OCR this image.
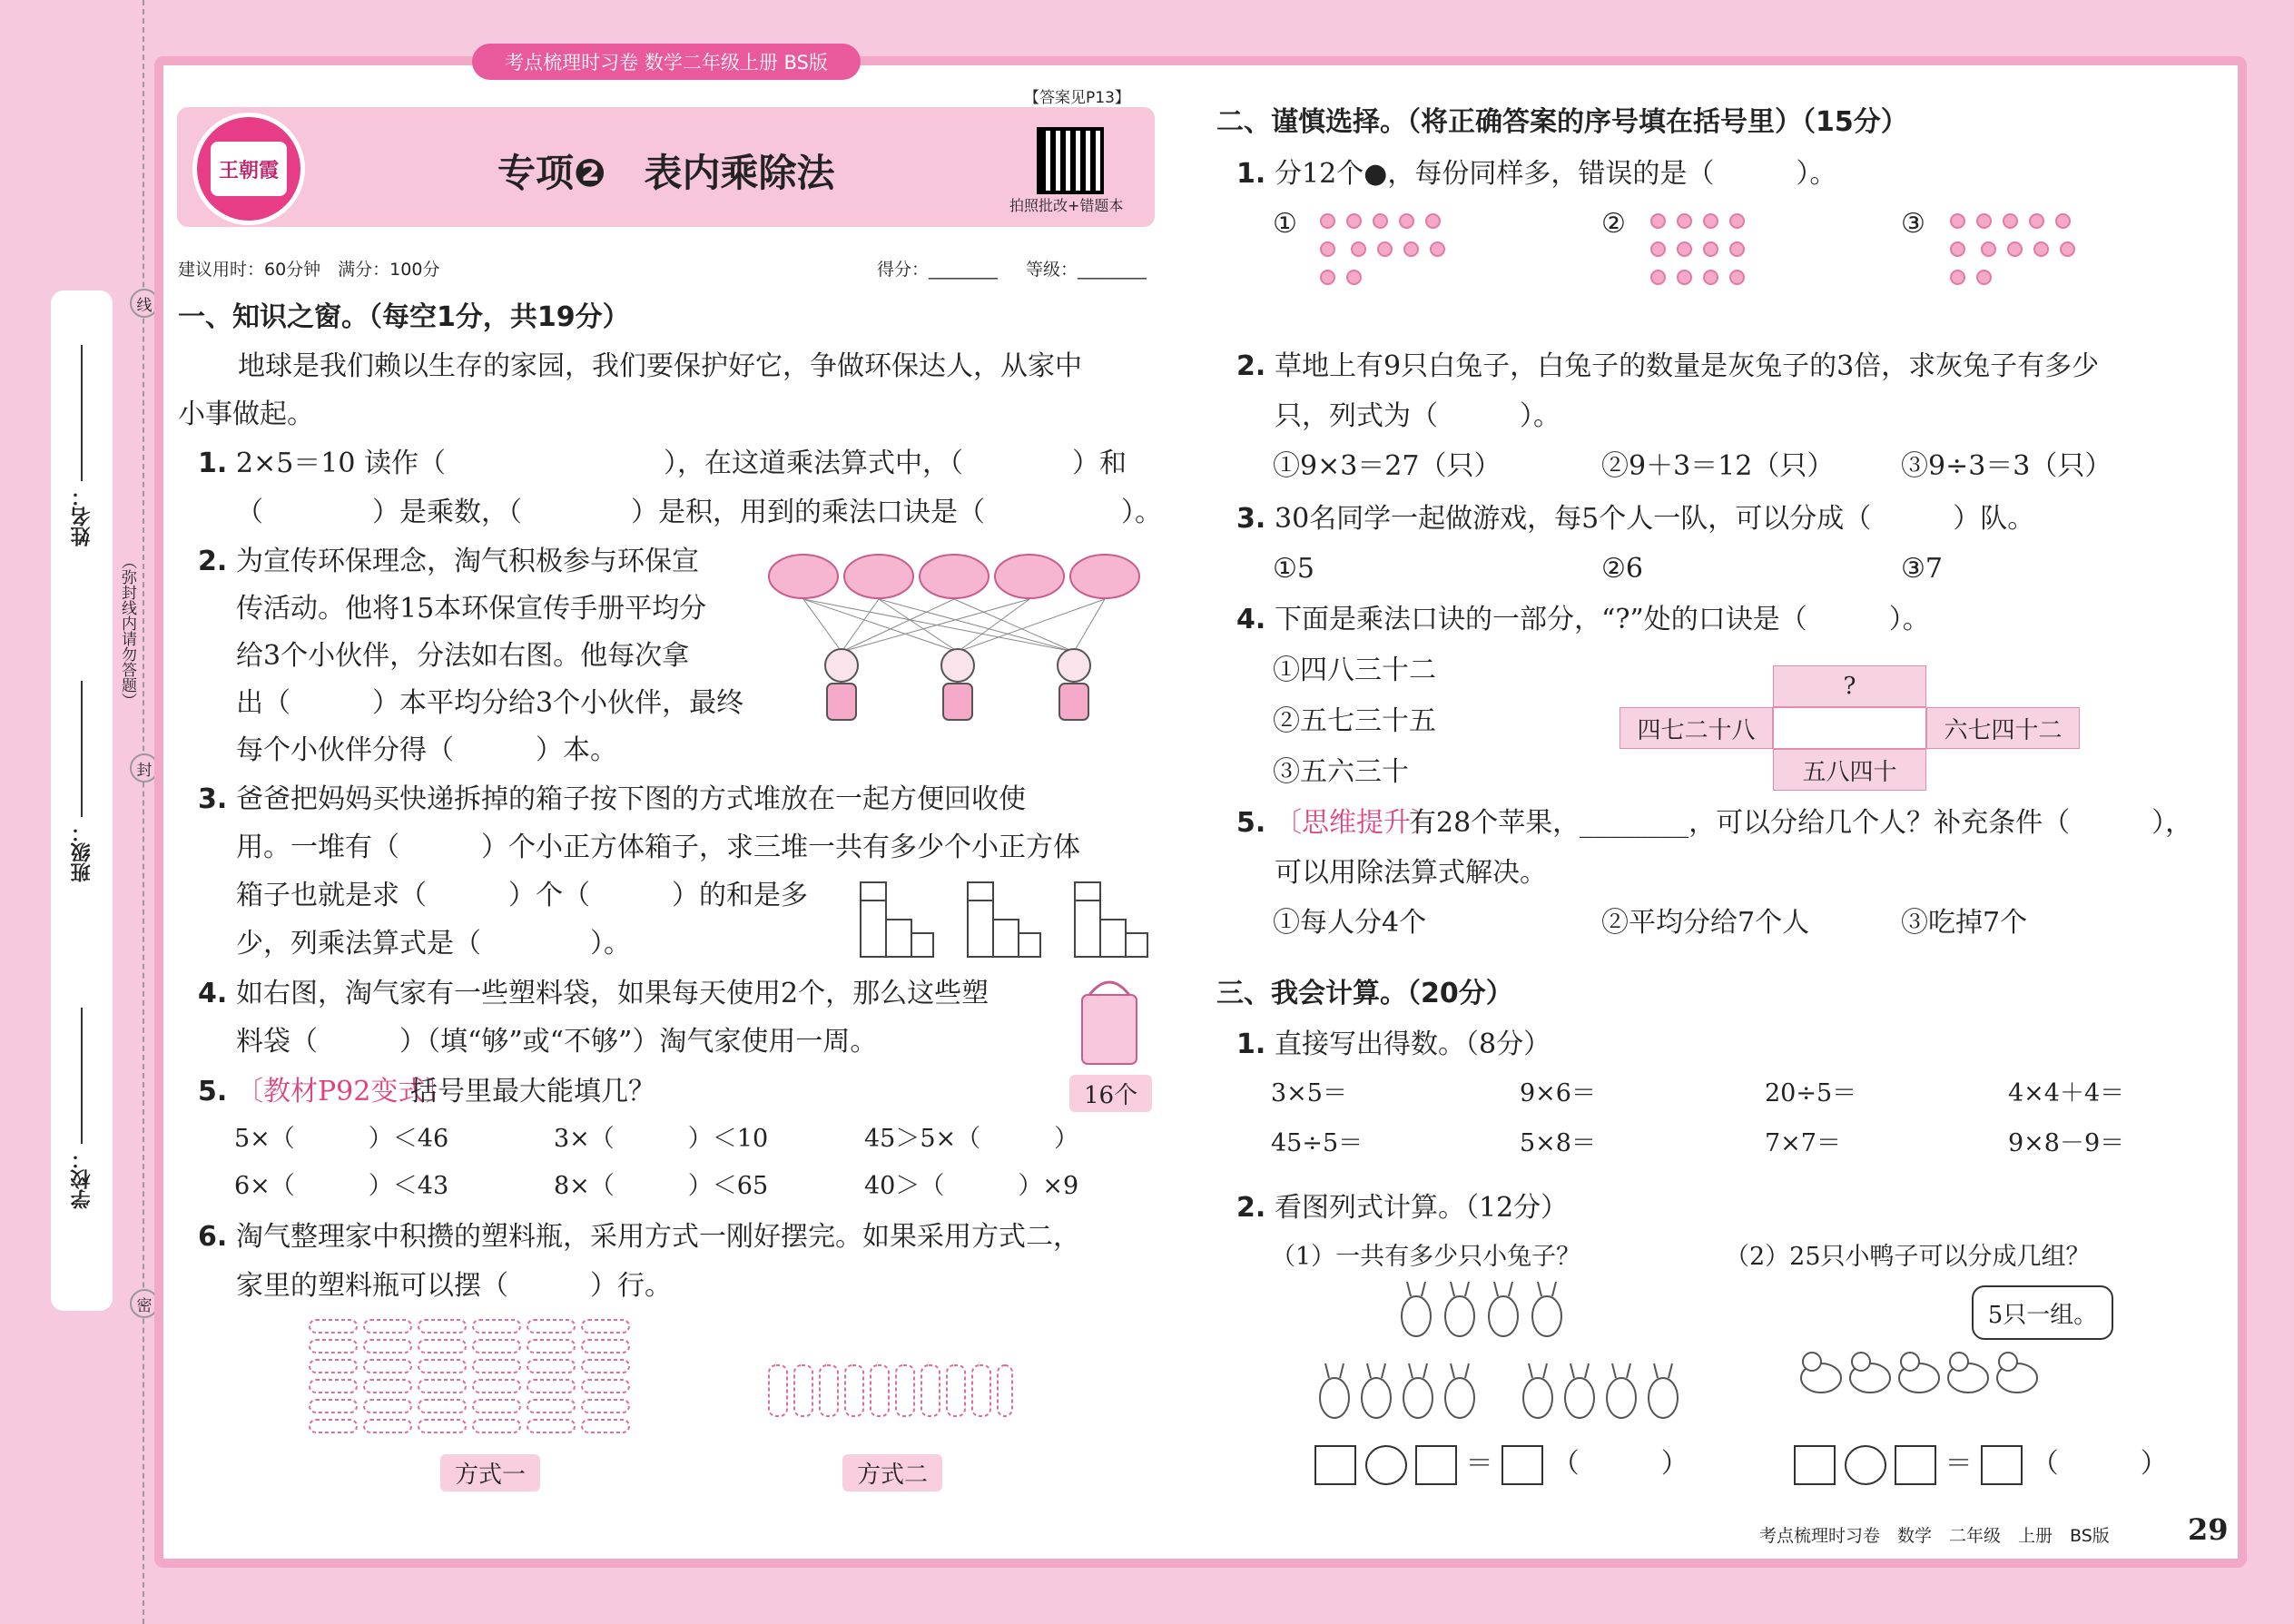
学校：
班级：
姓名：
线
封
密
（弥封线内请勿答题）
考点梳理时习卷 数学二年级上册 BS版
王朝霞	专项❷　表内乘除法
【答案见P13】
拍照批改+错题本
建议用时：60分钟　满分：100分	得分：________ 等级：________
一、知识之窗。（每空1分，共19分）
地球是我们赖以生存的家园，我们要保护好它，争做环保达人，从家中
小事做起。
1. 2×5＝10 读作（　　　　　　　　），在这道乘法算式中，（　　　　）和
（　　　　）是乘数，（　　　　）是积，用到的乘法口诀是（　　　　　）。
2. 为宣传环保理念，淘气积极参与环保宣
传活动。他将15本环保宣传手册平均分
给3个小伙伴，分法如右图。他每次拿
出（　　　）本平均分给3个小伙伴，最终
每个小伙伴分得（　　　）本。
3. 爸爸把妈妈买快递拆掉的箱子按下图的方式堆放在一起方便回收使
用。一堆有（　　　）个小正方体箱子，求三堆一共有多少个小正方体
箱子也就是求（　　　）个（　　　）的和是多
少，列乘法算式是（　　　　）。
4. 如右图，淘气家有一些塑料袋，如果每天使用2个，那么这些塑
料袋（　　　）（填“够”或“不够”）淘气家使用一周。
16个
5. 〔教材P92变式〕
括号里最大能填几？
5×（　　　）＜46	3×（　　　）＜10	45＞5×（　　　）
6×（　　　）＜43	8×（　　　）＜65	40＞（　　　）×9
6. 淘气整理家中积攒的塑料瓶，采用方式一刚好摆完。如果采用方式二，
家里的塑料瓶可以摆（　　　）行。
方式一	方式二
二、谨慎选择。（将正确答案的序号填在括号里）（15分）
1. 分12个●，每份同样多，错误的是（　　　）。
①
	②
	③

2. 草地上有9只白兔子，白兔子的数量是灰兔子的3倍，求灰兔子有多少
只，列式为（　　　）。
①9×3＝27（只）	②9＋3＝12（只） ③9÷3＝3（只）
3. 30名同学一起做游戏，每5个人一队，可以分成（　　　）队。
①5	②6	③7
4. 下面是乘法口诀的一部分，“?”处的口诀是（　　　）。
①四八三十二
②五七三十五
③五六三十
?
四七二十八	六七四十二
五八四十
5. 〔思维提升〕
有28个苹果，________，可以分给几个人？补充条件（　　　），
可以用除法算式解决。
①每人分4个	②平均分给7个人	③吃掉7个
三、我会计算。（20分）
1. 直接写出得数。（8分）
3×5＝	9×6＝	20÷5＝	4×4＋4＝
45÷5＝	5×8＝	7×7＝	9×8－9＝
2. 看图列式计算。（12分）
（1）一共有多少只小兔子？	（2）25只小鸭子可以分成几组？
5只一组。
＝ （　　　）	＝ （　　　）
考点梳理时习卷　数学　二年级　上册　BS版	29
